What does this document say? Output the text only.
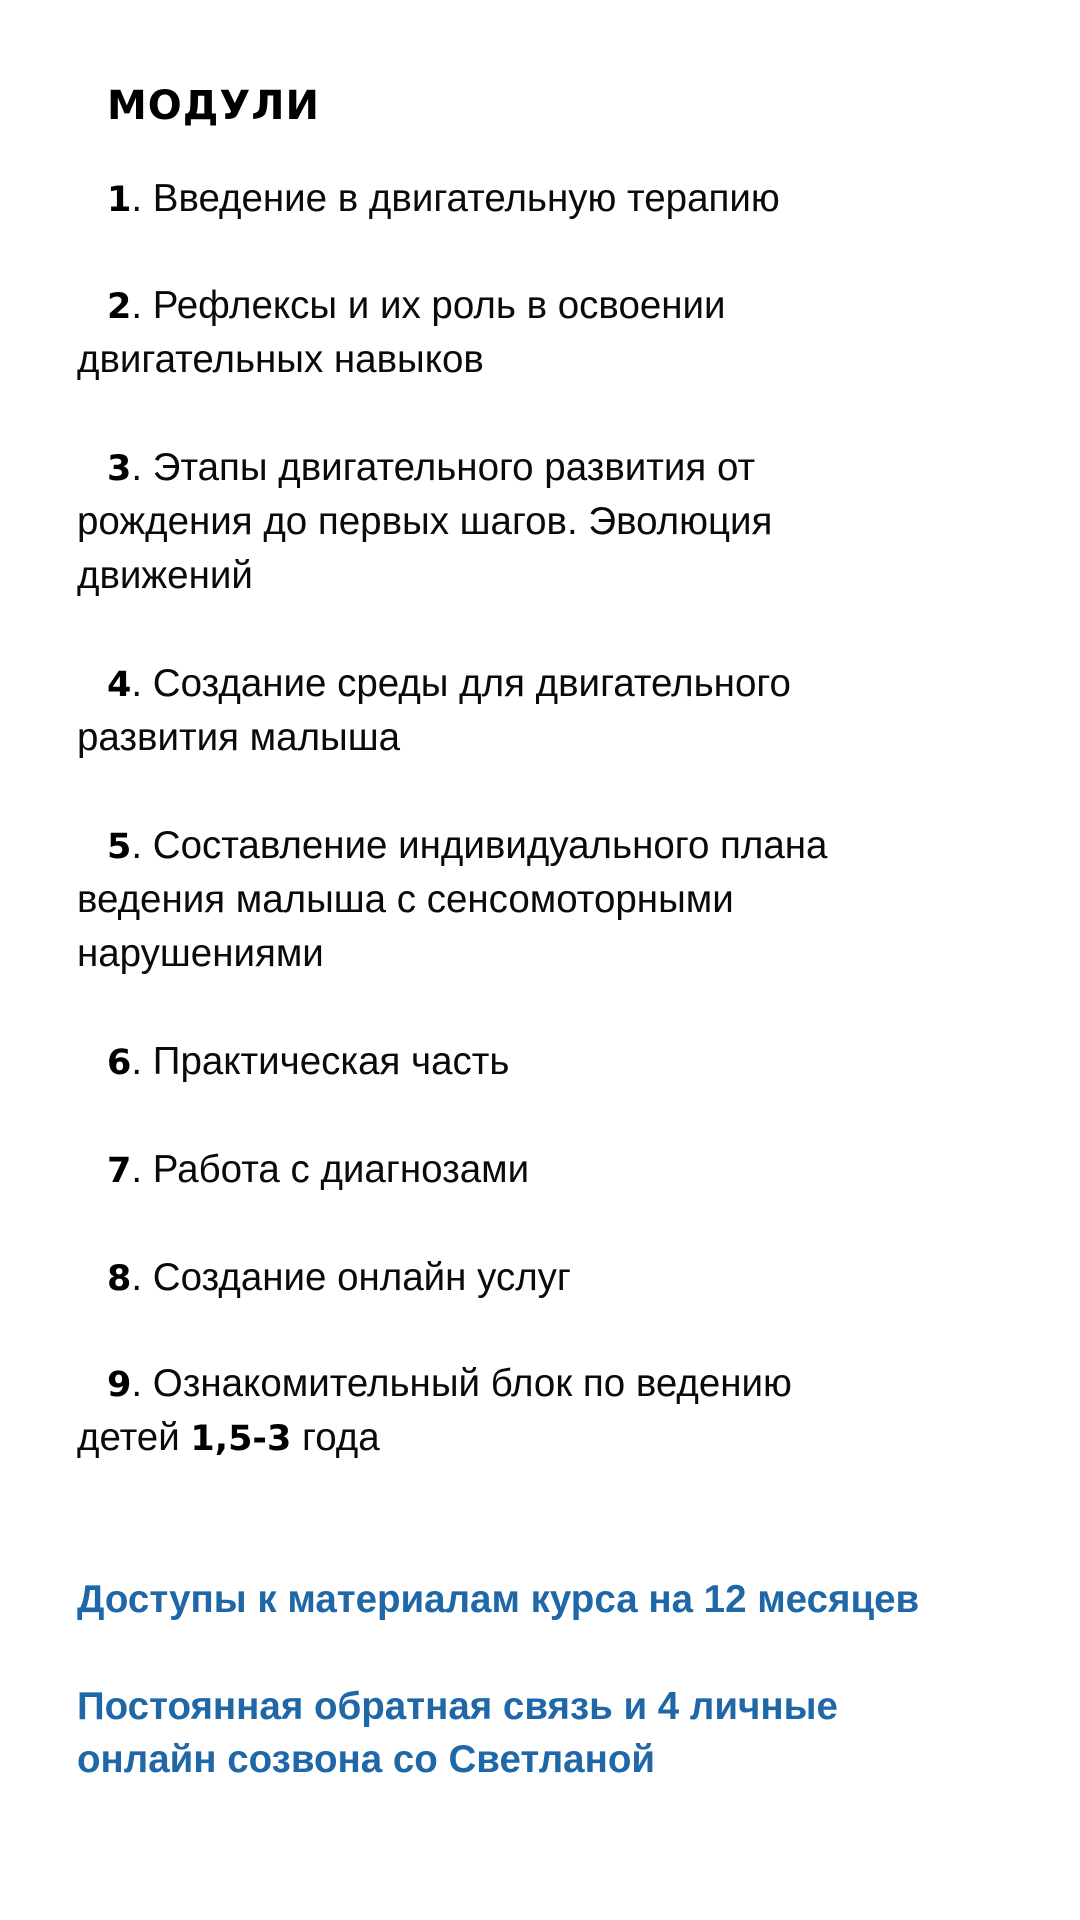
МОДУЛИ
1. Введение в двигательную терапию
2. Рефлексы и их роль в освоении
двигательных навыков
3. Этапы двигательного развития от
рождения до первых шагов. Эволюция
движений
4. Создание среды для двигательного
развития малыша
5. Составление индивидуального плана
ведения малыша с сенсомоторными
нарушениями
6. Практическая часть
7. Работа с диагнозами
8. Создание онлайн услуг
9. Ознакомительный блок по ведению
детей 1,5-3 года
Доступы к материалам курса на 12 месяцев
Постоянная обратная связь и 4 личные
онлайн созвона со Светланой
